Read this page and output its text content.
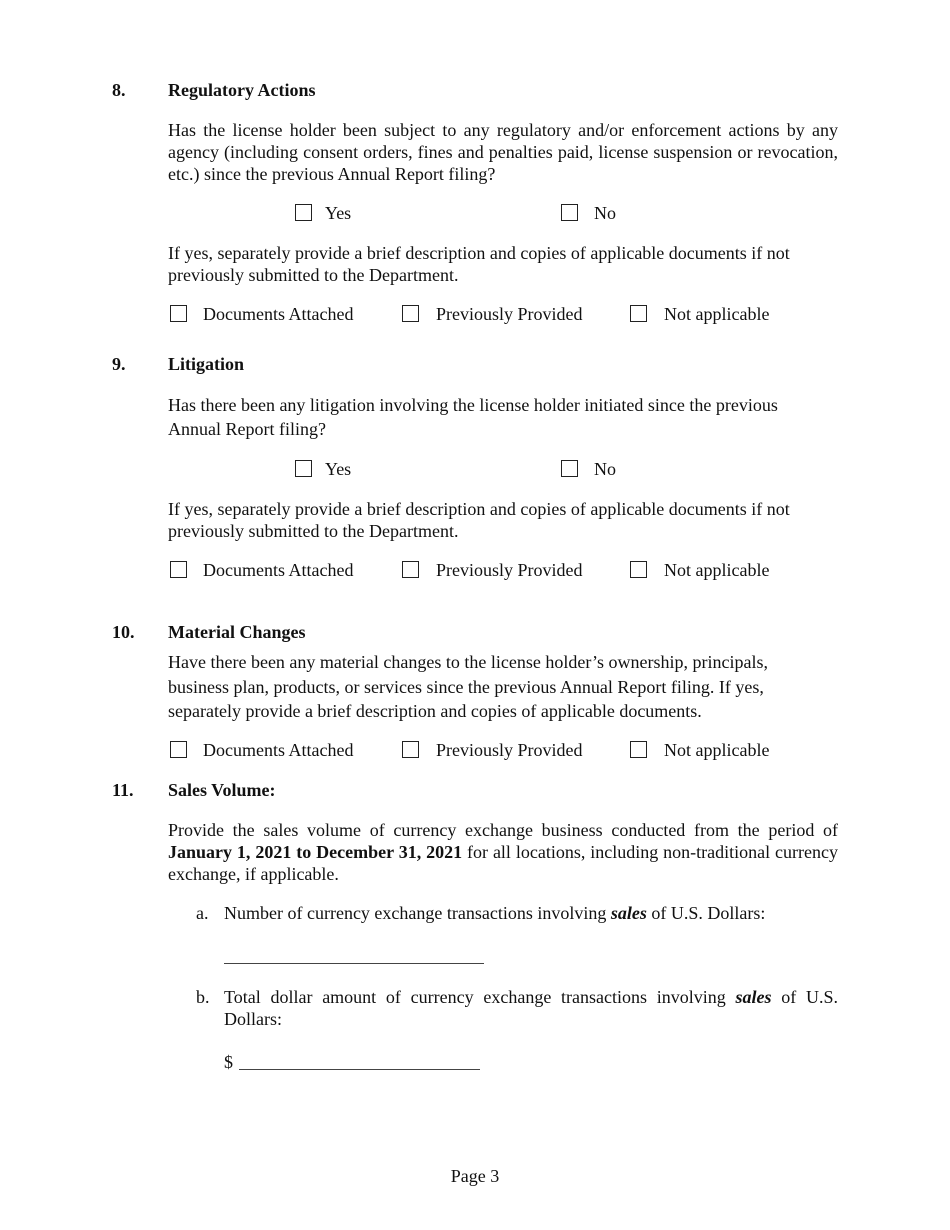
8. Regulatory Actions
Has the license holder been subject to any regulatory and/or enforcement actions by any agency (including consent orders, fines and penalties paid, license suspension or revocation, etc.) since the previous Annual Report filing?
Yes	No
If yes, separately provide a brief description and copies of applicable documents if not previously submitted to the Department.
Documents Attached	Previously Provided	Not applicable
9. Litigation
Has there been any litigation involving the license holder initiated since the previous Annual Report filing?
Yes	No
If yes, separately provide a brief description and copies of applicable documents if not previously submitted to the Department.
Documents Attached	Previously Provided	Not applicable
10. Material Changes
Have there been any material changes to the license holder’s ownership, principals, business plan, products, or services since the previous Annual Report filing. If yes, separately provide a brief description and copies of applicable documents.
Documents Attached	Previously Provided	Not applicable
11. Sales Volume:
Provide the sales volume of currency exchange business conducted from the period of January 1, 2021 to December 31, 2021 for all locations, including non-traditional currency exchange, if applicable.
a. Number of currency exchange transactions involving sales of U.S. Dollars:
b. Total dollar amount of currency exchange transactions involving sales of U.S. Dollars:
$
Page 3
